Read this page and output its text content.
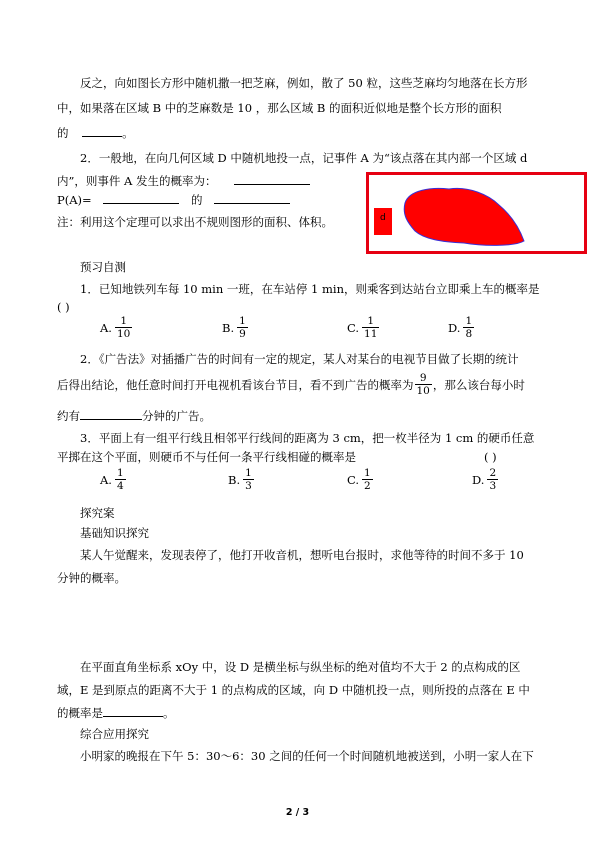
反之，向如图长方形中随机撒一把芝麻，例如，散了 50 粒，这些芝麻均匀地落在长方形
中，如果落在区域 B 中的芝麻数是 10 ，那么区域 B 的面积近似地是整个长方形的面积
的	。
2．一般地，在向几何区域 D 中随机地投一点，记事件 A 为“该点落在其内部一个区域 d
内”，则事件 A 发生的概率为：
P(A)=	的
注：利用这个定理可以求出不规则图形的面积、体积。	d
预习自测
1．已知地铁列车每 10 min 一班，在车站停 1 min，则乘客到达站台立即乘上车的概率是
( )
A. $\frac{1}{10}$	B. $\frac{1}{9}$	C. $\frac{1}{11}$	D. $\frac{1}{8}$
2．《广告法》对插播广告的时间有一定的规定，某人对某台的电视节目做了长期的统计
后得出结论，他任意时间打开电视机看该台节目，看不到广告的概率为 $\frac{9}{10}$ ，那么该台每小时
约有	分钟的广告。
3．平面上有一组平行线且相邻平行线间的距离为 3 cm，把一枚半径为 1 cm 的硬币任意
平掷在这个平面，则硬币不与任何一条平行线相碰的概率是	( )
A. $\frac{1}{4}$	B. $\frac{1}{3}$	C. $\frac{1}{2}$	D. $\frac{2}{3}$
探究案
基础知识探究
某人午觉醒来，发现表停了，他打开收音机，想听电台报时，求他等待的时间不多于 10
分钟的概率。
在平面直角坐标系 xOy 中，设 D 是横坐标与纵坐标的绝对值均不大于 2 的点构成的区
域，E 是到原点的距离不大于 1 的点构成的区域，向 D 中随机投一点，则所投的点落在 E 中
的概率是	。
综合应用探究
小明家的晚报在下午 5：30～6：30 之间的任何一个时间随机地被送到，小明一家人在下
2 / 3
